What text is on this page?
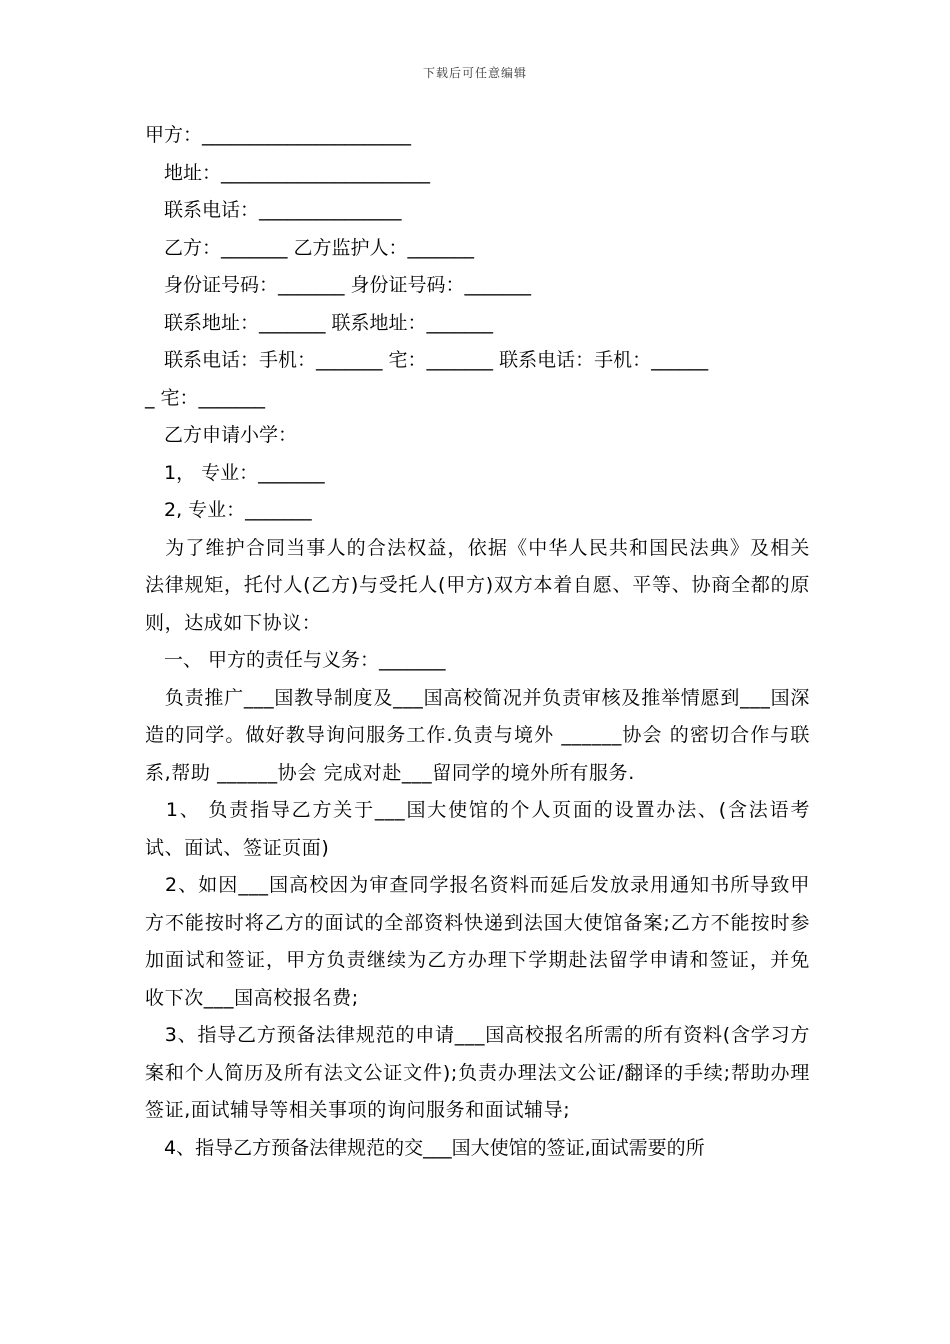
下载后可任意编辑
甲方：______________________
　地址：______________________
　联系电话：_______________
　乙方：_______ 乙方监护人：_______
　身份证号码：_______ 身份证号码：_______
　联系地址：_______ 联系地址：_______
　联系电话：手机：_______ 宅：_______ 联系电话：手机：______
_ 宅：_______
　乙方申请小学：
　1， 专业：_______
　2, 专业：_______
　为了维护合同当事人的合法权益，依据《中华人民共和国民法典》及相关法律规矩，托付人(乙方)与受托人(甲方)双方本着自愿、平等、协商全都的原则，达成如下协议：
　一、 甲方的责任与义务：_______
　负责推广___国教导制度及___国高校简况并负责审核及推举情愿到___国深造的同学。做好教导询问服务工作.负责与境外 ______协会 的密切合作与联系,帮助 ______协会 完成对赴___留同学的境外所有服务.
　1、 负责指导乙方关于___国大使馆的个人页面的设置办法、(含法语考试、面试、签证页面)
　2、如因___国高校因为审查同学报名资料而延后发放录用通知书所导致甲方不能按时将乙方的面试的全部资料快递到法国大使馆备案;乙方不能按时参加面试和签证，甲方负责继续为乙方办理下学期赴法留学申请和签证，并免收下次___国高校报名费;
　3、指导乙方预备法律规范的申请___国高校报名所需的所有资料(含学习方案和个人简历及所有法文公证文件);负责办理法文公证/翻译的手续;帮助办理签证,面试辅导等相关事项的询问服务和面试辅导;
　4、指导乙方预备法律规范的交___国大使馆的签证,面试需要的所
